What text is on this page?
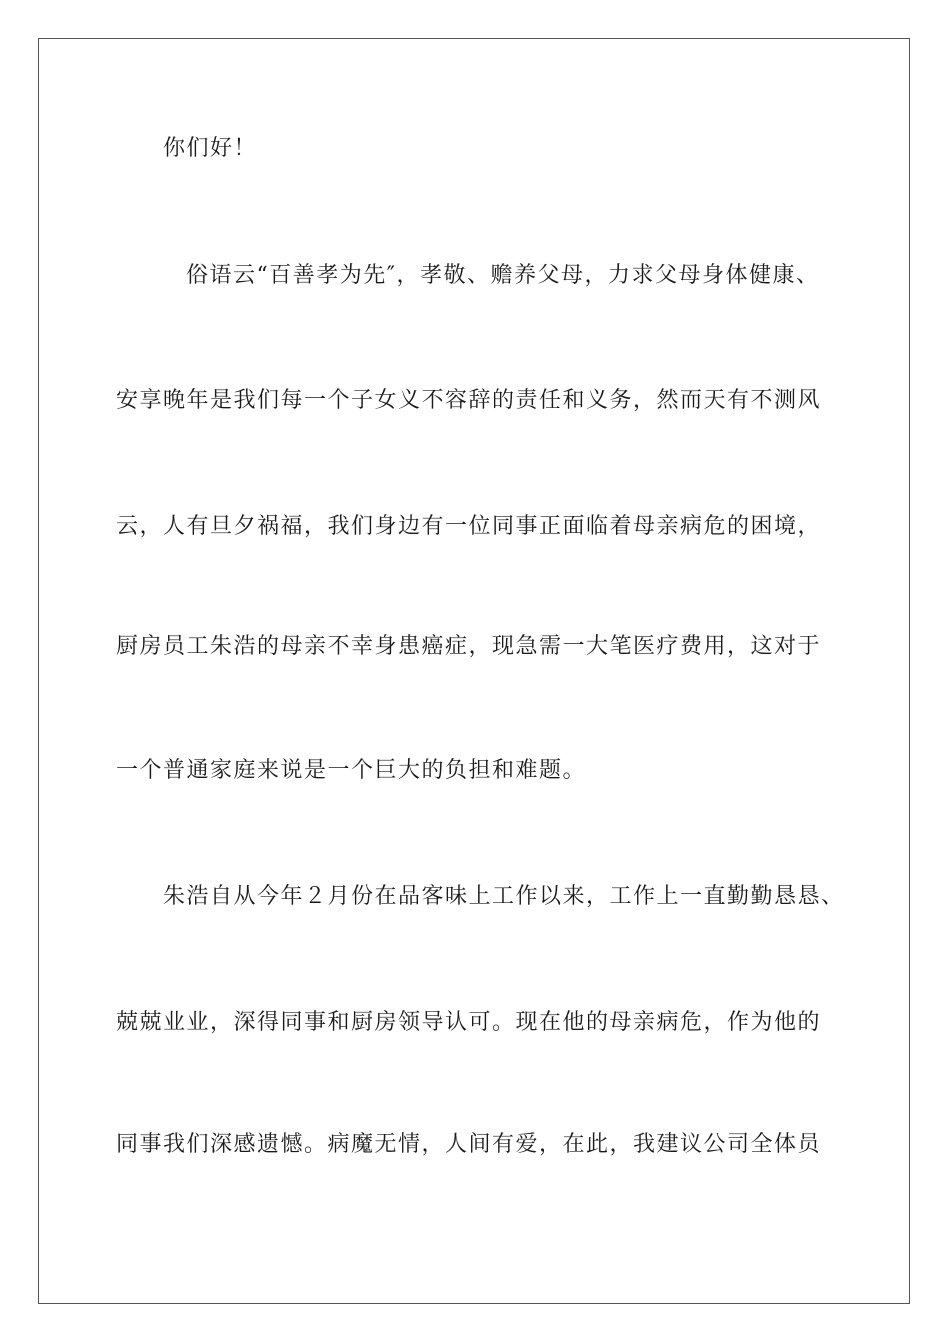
你们好！
俗语云“百善孝为先″，孝敬、赡养父母，力求父母身体健康、
安享晚年是我们每一个子女义不容辞的责任和义务，然而天有不测风
云，人有旦夕祸福，我们身边有一位同事正面临着母亲病危的困境，
厨房员工朱浩的母亲不幸身患癌症，现急需一大笔医疗费用，这对于
一个普通家庭来说是一个巨大的负担和难题。
朱浩自从今年２月份在品客味上工作以来，工作上一直勤勤恳恳、
兢兢业业，深得同事和厨房领导认可。现在他的母亲病危，作为他的
同事我们深感遗憾。病魔无情，人间有爱，在此，我建议公司全体员
